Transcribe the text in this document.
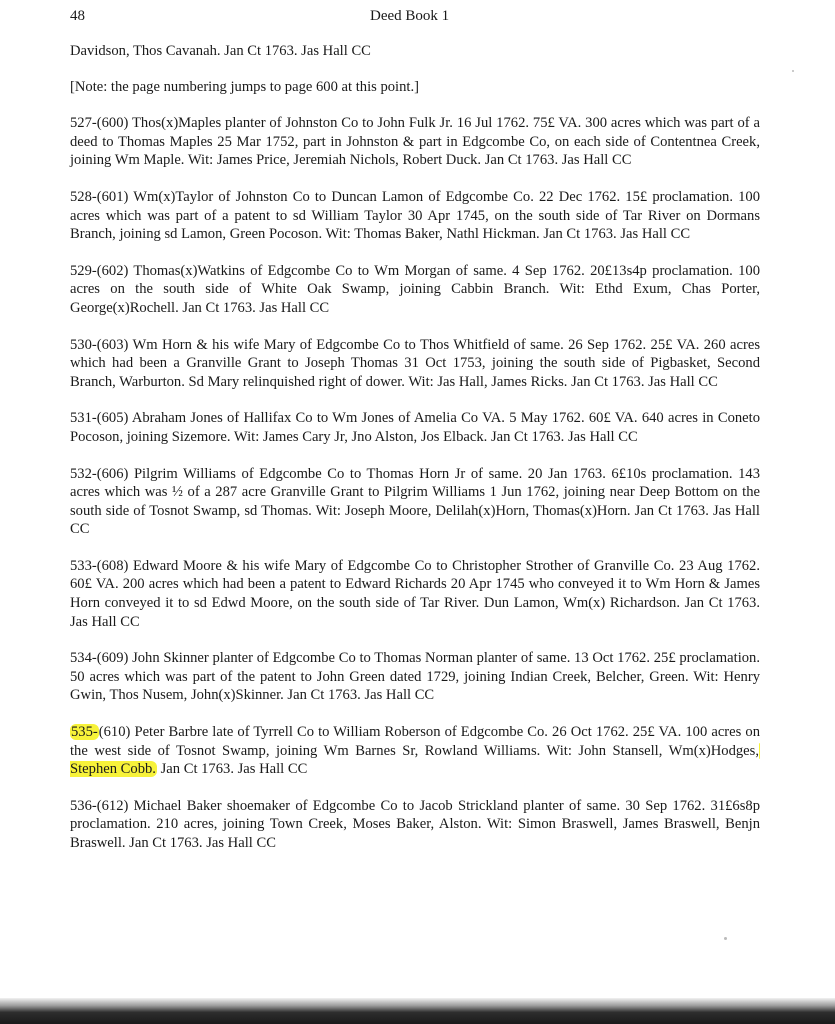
48	Deed Book 1

Davidson, Thos Cavanah. Jan Ct 1763. Jas Hall CC

[Note: the page numbering jumps to page 600 at this point.]

527-(600) Thos(x)Maples planter of Johnston Co to John Fulk Jr. 16 Jul 1762. 75£ VA. 300 acres which was part of a deed to Thomas Maples 25 Mar 1752, part in Johnston & part in Edgcombe Co, on each side of Contentnea Creek, joining Wm Maple. Wit: James Price, Jeremiah Nichols, Robert Duck. Jan Ct 1763. Jas Hall CC

528-(601) Wm(x)Taylor of Johnston Co to Duncan Lamon of Edgcombe Co. 22 Dec 1762. 15£ proclamation. 100 acres which was part of a patent to sd William Taylor 30 Apr 1745, on the south side of Tar River on Dormans Branch, joining sd Lamon, Green Pocoson. Wit: Thomas Baker, Nathl Hickman. Jan Ct 1763. Jas Hall CC

529-(602) Thomas(x)Watkins of Edgcombe Co to Wm Morgan of same. 4 Sep 1762. 20£13s4p proclamation. 100 acres on the south side of White Oak Swamp, joining Cabbin Branch. Wit: Ethd Exum, Chas Porter, George(x)Rochell. Jan Ct 1763. Jas Hall CC

530-(603) Wm Horn & his wife Mary of Edgcombe Co to Thos Whitfield of same. 26 Sep 1762. 25£ VA. 260 acres which had been a Granville Grant to Joseph Thomas 31 Oct 1753, joining the south side of Pigbasket, Second Branch, Warburton. Sd Mary relinquished right of dower. Wit: Jas Hall, James Ricks. Jan Ct 1763. Jas Hall CC

531-(605) Abraham Jones of Hallifax Co to Wm Jones of Amelia Co VA. 5 May 1762. 60£ VA. 640 acres in Coneto Pocoson, joining Sizemore. Wit: James Cary Jr, Jno Alston, Jos Elback. Jan Ct 1763. Jas Hall CC

532-(606) Pilgrim Williams of Edgcombe Co to Thomas Horn Jr of same. 20 Jan 1763. 6£10s proclamation. 143 acres which was ½ of a 287 acre Granville Grant to Pilgrim Williams 1 Jun 1762, joining near Deep Bottom on the south side of Tosnot Swamp, sd Thomas. Wit: Joseph Moore, Delilah(x)Horn, Thomas(x)Horn. Jan Ct 1763. Jas Hall CC

533-(608) Edward Moore & his wife Mary of Edgcombe Co to Christopher Strother of Granville Co. 23 Aug 1762. 60£ VA. 200 acres which had been a patent to Edward Richards 20 Apr 1745 who conveyed it to Wm Horn & James Horn conveyed it to sd Edwd Moore, on the south side of Tar River. Dun Lamon, Wm(x) Richardson. Jan Ct 1763. Jas Hall CC

534-(609) John Skinner planter of Edgcombe Co to Thomas Norman planter of same. 13 Oct 1762. 25£ proclamation. 50 acres which was part of the patent to John Green dated 1729, joining Indian Creek, Belcher, Green. Wit: Henry Gwin, Thos Nusem, John(x)Skinner. Jan Ct 1763. Jas Hall CC

535-(610) Peter Barbre late of Tyrrell Co to William Roberson of Edgcombe Co. 26 Oct 1762. 25£ VA. 100 acres on the west side of Tosnot Swamp, joining Wm Barnes Sr, Rowland Williams. Wit: John Stansell, Wm(x)Hodges, Stephen Cobb. Jan Ct 1763. Jas Hall CC

536-(612) Michael Baker shoemaker of Edgcombe Co to Jacob Strickland planter of same. 30 Sep 1762. 31£6s8p proclamation. 210 acres, joining Town Creek, Moses Baker, Alston. Wit: Simon Braswell, James Braswell, Benjn Braswell. Jan Ct 1763. Jas Hall CC
